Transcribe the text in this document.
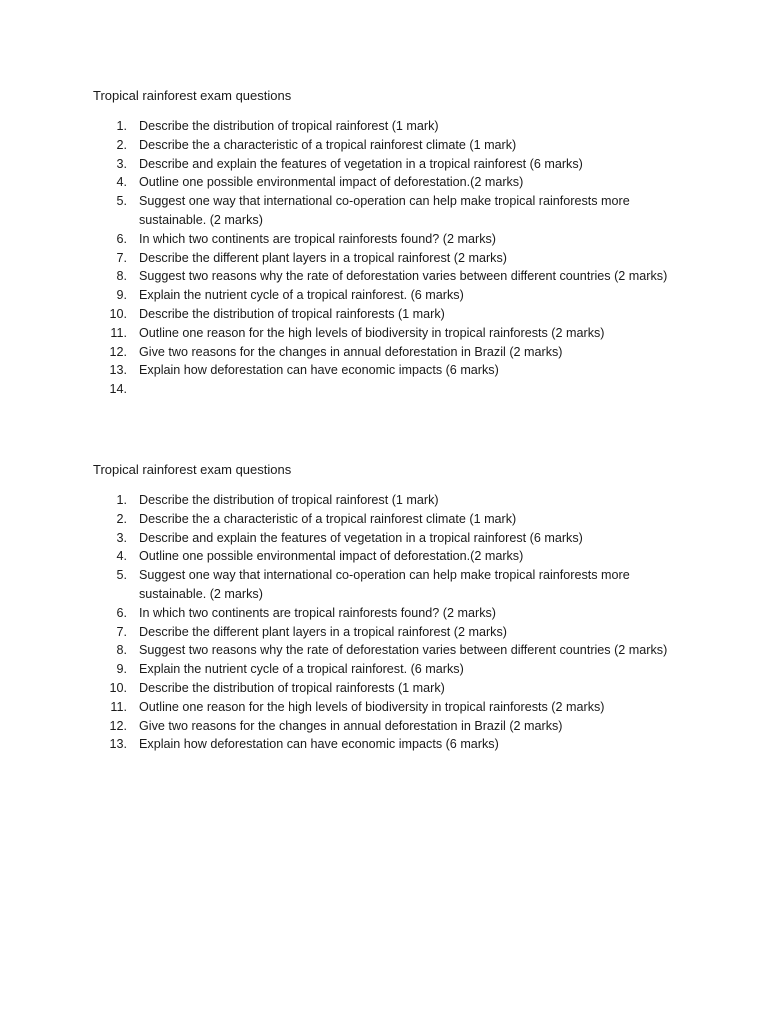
Tropical rainforest exam questions
1. Describe the distribution of tropical rainforest (1 mark)
2. Describe the a characteristic of a tropical rainforest climate (1 mark)
3. Describe and explain the features of vegetation in a tropical rainforest (6 marks)
4. Outline one possible environmental impact of deforestation.(2 marks)
5. Suggest one way that international co-operation can help make tropical rainforests more sustainable. (2 marks)
6. In which two continents are tropical rainforests found? (2 marks)
7. Describe the different plant layers in a tropical rainforest (2 marks)
8. Suggest two reasons why the rate of deforestation varies between different countries (2 marks)
9. Explain the nutrient cycle of a tropical rainforest. (6 marks)
10. Describe the distribution of tropical rainforests (1 mark)
11. Outline one reason for the high levels of biodiversity in tropical rainforests (2 marks)
12. Give two reasons for the changes in annual deforestation in Brazil (2 marks)
13. Explain how deforestation can have economic impacts (6 marks)
14.
Tropical rainforest exam questions
1. Describe the distribution of tropical rainforest (1 mark)
2. Describe the a characteristic of a tropical rainforest climate (1 mark)
3. Describe and explain the features of vegetation in a tropical rainforest (6 marks)
4. Outline one possible environmental impact of deforestation.(2 marks)
5. Suggest one way that international co-operation can help make tropical rainforests more sustainable. (2 marks)
6. In which two continents are tropical rainforests found? (2 marks)
7. Describe the different plant layers in a tropical rainforest (2 marks)
8. Suggest two reasons why the rate of deforestation varies between different countries (2 marks)
9. Explain the nutrient cycle of a tropical rainforest. (6 marks)
10. Describe the distribution of tropical rainforests (1 mark)
11. Outline one reason for the high levels of biodiversity in tropical rainforests (2 marks)
12. Give two reasons for the changes in annual deforestation in Brazil (2 marks)
13. Explain how deforestation can have economic impacts (6 marks)
